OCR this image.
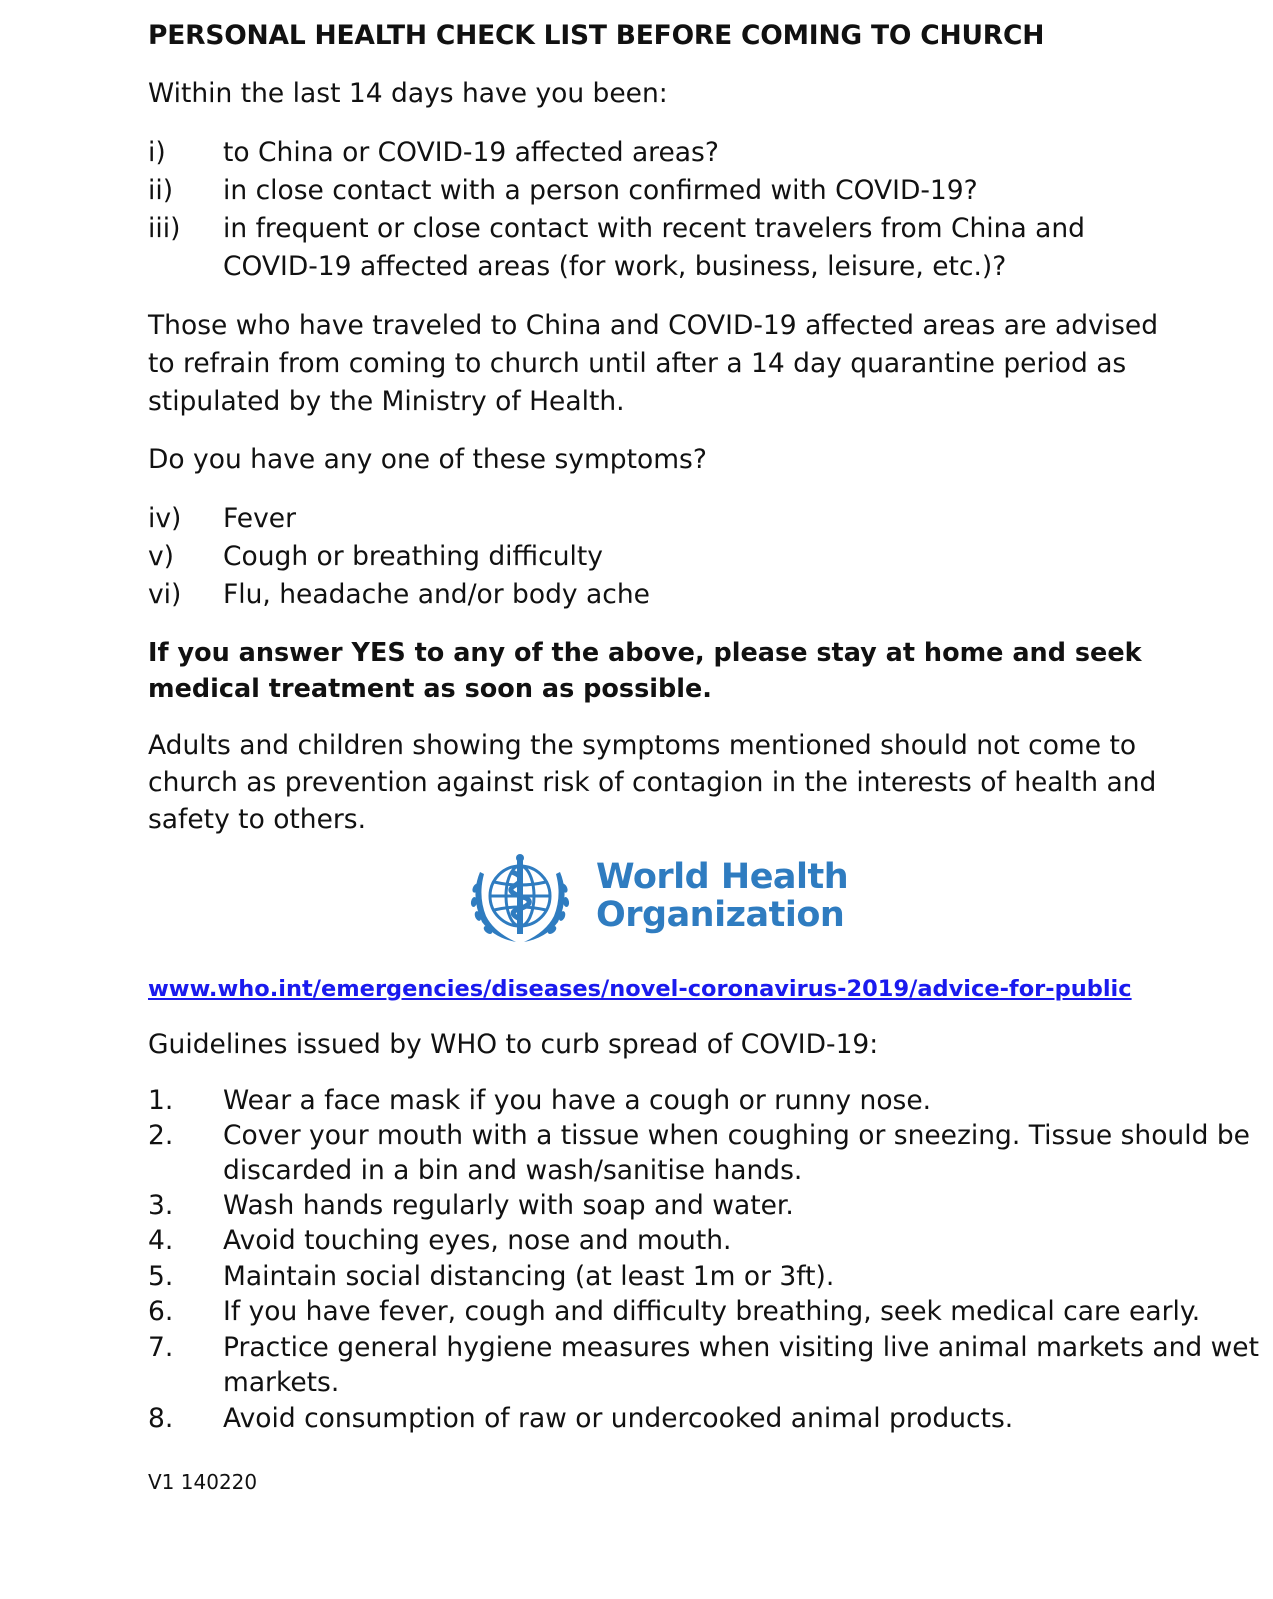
PERSONAL HEALTH CHECK LIST BEFORE COMING TO CHURCH
Within the last 14 days have you been:
i) to China or COVID-19 affected areas?
ii) in close contact with a person confirmed with COVID-19?
iii) in frequent or close contact with recent travelers from China and
COVID-19 affected areas (for work, business, leisure, etc.)?
Those who have traveled to China and COVID-19 affected areas are advised
to refrain from coming to church until after a 14 day quarantine period as
stipulated by the Ministry of Health.
Do you have any one of these symptoms?
iv) Fever
v) Cough or breathing difficulty
vi) Flu, headache and/or body ache
If you answer YES to any of the above, please stay at home and seek
medical treatment as soon as possible.
Adults and children showing the symptoms mentioned should not come to
church as prevention against risk of contagion in the interests of health and
safety to others.
www.who.int/emergencies/diseases/novel-coronavirus-2019/advice-for-public
Guidelines issued by WHO to curb spread of COVID-19:
1. Wear a face mask if you have a cough or runny nose.
2. Cover your mouth with a tissue when coughing or sneezing. Tissue should be
discarded in a bin and wash/sanitise hands.
3. Wash hands regularly with soap and water.
4. Avoid touching eyes, nose and mouth.
5. Maintain social distancing (at least 1m or 3ft).
6. If you have fever, cough and difficulty breathing, seek medical care early.
7. Practice general hygiene measures when visiting live animal markets and wet
markets.
8. Avoid consumption of raw or undercooked animal products.
World Health
Organization
V1 140220
